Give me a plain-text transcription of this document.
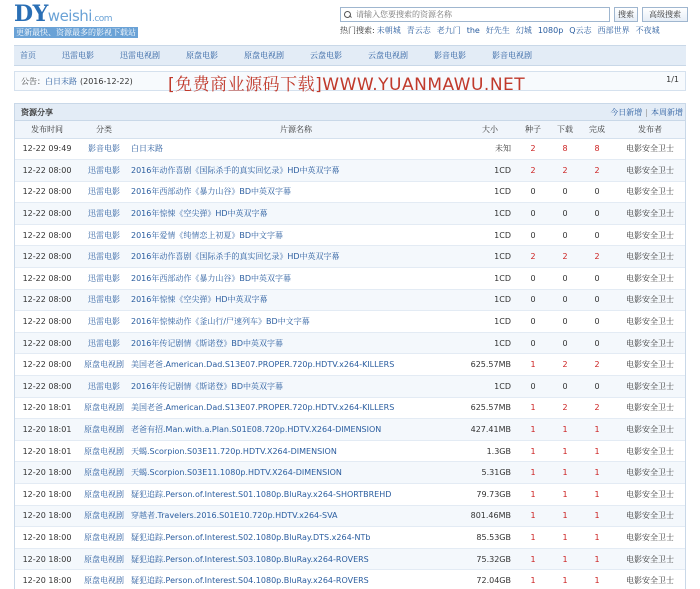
DYweishi.com
更新最快、资源最多的影视下载站
请输入您要搜索的资源名称
搜索	高级搜索
热门搜索: 未朝城 青云志 老九门 the 好先生 幻城 1080p Q云志 西部世界 不夜城
首页	迅雷电影	迅雷电视剧	原盘电影	原盘电视剧	云盘电影	云盘电视剧	影音电影	影音电视剧
公告： 白日末路 (2016-12-22)	1/1
[免费商业源码下载]WWW.YUANMAWU.NET
资源分享	今日新增 | 本周新增
发布时间	分类	片源名称	大小	种子	下载	完成	发布者
12-22 09:49	影音电影	白日末路	未知	2	8	8	电影安全卫士
12-22 08:00	迅雷电影	2016年动作喜剧《国际杀手的真实回忆录》HD中英双字幕	1CD	2	2	2	电影安全卫士
12-22 08:00	迅雷电影	2016年西部动作《暴力山谷》BD中英双字幕	1CD	0	0	0	电影安全卫士
12-22 08:00	迅雷电影	2016年惊悚《空尖弹》HD中英双字幕	1CD	0	0	0	电影安全卫士
12-22 08:00	迅雷电影	2016年爱情《纯情恋上初夏》BD中文字幕	1CD	0	0	0	电影安全卫士
12-22 08:00	迅雷电影	2016年动作喜剧《国际杀手的真实回忆录》HD中英双字幕	1CD	2	2	2	电影安全卫士
12-22 08:00	迅雷电影	2016年西部动作《暴力山谷》BD中英双字幕	1CD	0	0	0	电影安全卫士
12-22 08:00	迅雷电影	2016年惊悚《空尖弹》HD中英双字幕	1CD	0	0	0	电影安全卫士
12-22 08:00	迅雷电影	2016年惊悚动作《釜山行/尸速列车》BD中文字幕	1CD	0	0	0	电影安全卫士
12-22 08:00	迅雷电影	2016年传记剧情《斯诺登》BD中英双字幕	1CD	0	0	0	电影安全卫士
12-22 08:00	原盘电视剧	美国老爸.American.Dad.S13E07.PROPER.720p.HDTV.x264-KILLERS	625.57MB	1	2	2	电影安全卫士
12-22 08:00	迅雷电影	2016年传记剧情《斯诺登》BD中英双字幕	1CD	0	0	0	电影安全卫士
12-20 18:01	原盘电视剧	美国老爸.American.Dad.S13E07.PROPER.720p.HDTV.x264-KILLERS	625.57MB	1	2	2	电影安全卫士
12-20 18:01	原盘电视剧	老爸有招.Man.with.a.Plan.S01E08.720p.HDTV.X264-DIMENSION	427.41MB	1	1	1	电影安全卫士
12-20 18:01	原盘电视剧	天蝎.Scorpion.S03E11.720p.HDTV.X264-DIMENSION	1.3GB	1	1	1	电影安全卫士
12-20 18:00	原盘电视剧	天蝎.Scorpion.S03E11.1080p.HDTV.X264-DIMENSION	5.31GB	1	1	1	电影安全卫士
12-20 18:00	原盘电视剧	疑犯追踪.Person.of.Interest.S01.1080p.BluRay.x264-SHORTBREHD	79.73GB	1	1	1	电影安全卫士
12-20 18:00	原盘电视剧	穿越者.Travelers.2016.S01E10.720p.HDTV.x264-SVA	801.46MB	1	1	1	电影安全卫士
12-20 18:00	原盘电视剧	疑犯追踪.Person.of.Interest.S02.1080p.BluRay.DTS.x264-NTb	85.53GB	1	1	1	电影安全卫士
12-20 18:00	原盘电视剧	疑犯追踪.Person.of.Interest.S03.1080p.BluRay.x264-ROVERS	75.32GB	1	1	1	电影安全卫士
12-20 18:00	原盘电视剧	疑犯追踪.Person.of.Interest.S04.1080p.BluRay.x264-ROVERS	72.04GB	1	1	1	电影安全卫士
